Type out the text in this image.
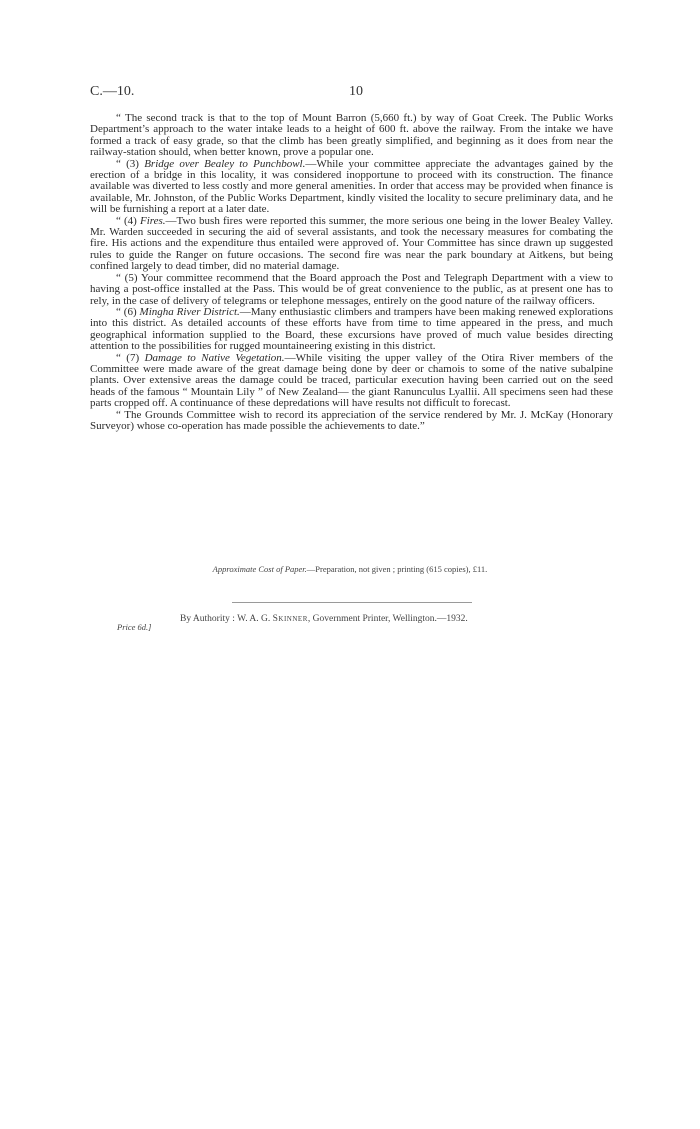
C.—10.	10

“ The second track is that to the top of Mount Barron (5,660 ft.) by way of Goat Creek. The Public Works Department’s approach to the water intake leads to a height of 600 ft. above the railway. From the intake we have formed a track of easy grade, so that the climb has been greatly simplified, and beginning as it does from near the railway-station should, when better known, prove a popular one.

“ (3) Bridge over Bealey to Punchbowl.—While your committee appreciate the advantages gained by the erection of a bridge in this locality, it was considered inopportune to proceed with its construction. The finance available was diverted to less costly and more general amenities. In order that access may be provided when finance is available, Mr. Johnston, of the Public Works Department, kindly visited the locality to secure preliminary data, and he will be furnishing a report at a later date.

“ (4) Fires.—Two bush fires were reported this summer, the more serious one being in the lower Bealey Valley. Mr. Warden succeeded in securing the aid of several assistants, and took the necessary measures for combating the fire. His actions and the expenditure thus entailed were approved of. Your Committee has since drawn up suggested rules to guide the Ranger on future occasions. The second fire was near the park boundary at Aitkens, but being confined largely to dead timber, did no material damage.

“ (5) Your committee recommend that the Board approach the Post and Telegraph Department with a view to having a post-office installed at the Pass. This would be of great convenience to the public, as at present one has to rely, in the case of delivery of telegrams or telephone messages, entirely on the good nature of the railway officers.

“ (6) Mingha River District.—Many enthusiastic climbers and trampers have been making renewed explorations into this district. As detailed accounts of these efforts have from time to time appeared in the press, and much geographical information supplied to the Board, these excursions have proved of much value besides directing attention to the possibilities for rugged mountaineering existing in this district.

“ (7) Damage to Native Vegetation.—While visiting the upper valley of the Otira River members of the Committee were made aware of the great damage being done by deer or chamois to some of the native subalpine plants. Over extensive areas the damage could be traced, particular execution having been carried out on the seed heads of the famous “ Mountain Lily ” of New Zealand— the giant Ranunculus Lyallii. All specimens seen had these parts cropped off. A continuance of these depredations will have results not difficult to forecast.

“ The Grounds Committee wish to record its appreciation of the service rendered by Mr. J. McKay (Honorary Surveyor) whose co-operation has made possible the achievements to date.”

Approximate Cost of Paper.—Preparation, not given ; printing (615 copies), £11.
By Authority : W. A. G. Skinner, Government Printer, Wellington.—1932.
Price 6d.]
